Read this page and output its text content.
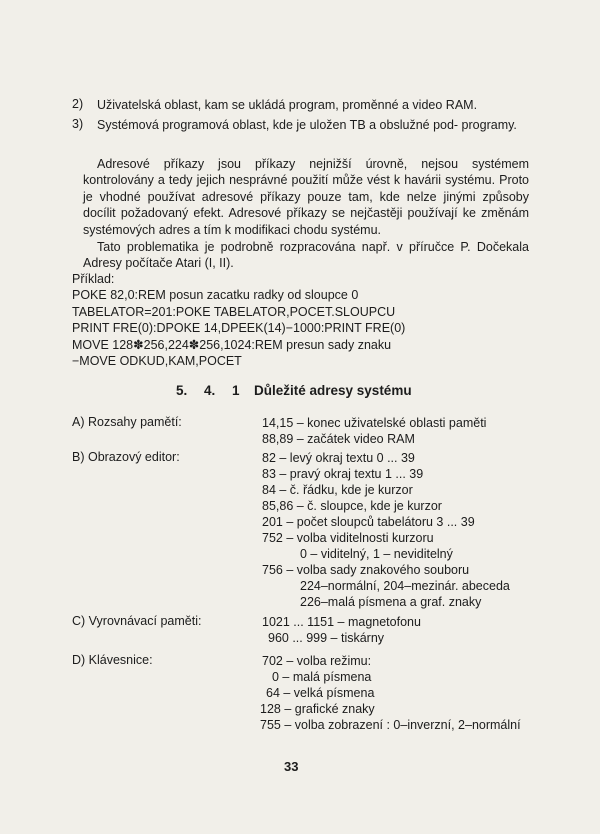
2) Uživatelská oblast, kam se ukládá program, proměnné a video RAM.
3) Systémová programová oblast, kde je uložen TB a obslužné pod- programy.

Adresové příkazy jsou příkazy nejnižší úrovně, nejsou systémem kontrolovány a tedy jejich nesprávné použití může vést k havárii systému. Proto je vhodné používat adresové příkazy pouze tam, kde nelze jinými způsoby docílit požadovaný efekt. Adresové příkazy se nejčastěji používají ke změnám systémových adres a tím k modifikaci chodu systému.

Tato problematika je podrobně rozpracována např. v příručce P. Dočekala Adresy počítače Atari (I, II).

Příklad:
POKE 82,0:REM posun zacatku radky od sloupce 0
TABELATOR=201:POKE TABELATOR,POCET.SLOUPCU
PRINT FRE(0):DPOKE 14,DPEEK(14)−1000:PRINT FRE(0)
MOVE 128✽256,224✽256,1024:REM presun sady znaku
−MOVE ODKUD,KAM,POCET
5. 4. 1 Důležité adresy systému
A) Rozsahy pamětí:	14,15 – konec uživatelské oblasti paměti
88,89 – začátek video RAM
B) Obrazový editor:	82 – levý okraj textu 0 ... 39
83 – pravý okraj textu 1 ... 39
84 – č. řádku, kde je kurzor
85,86 – č. sloupce, kde je kurzor
201 – počet sloupců tabelátoru 3 ... 39
752 – volba viditelnosti kurzoru
0 – viditelný, 1 – neviditelný
756 – volba sady znakového souboru
224–normální, 204–mezinár. abeceda
226–malá písmena a graf. znaky
C) Vyrovnávací paměti:	1021 ... 1151 – magnetofonu
960 ... 999 – tiskárny
D) Klávesnice:	702 – volba režimu:
0 – malá písmena
64 – velká písmena
128 – grafické znaky
755 – volba zobrazení : 0–inverzní, 2–normální
33
